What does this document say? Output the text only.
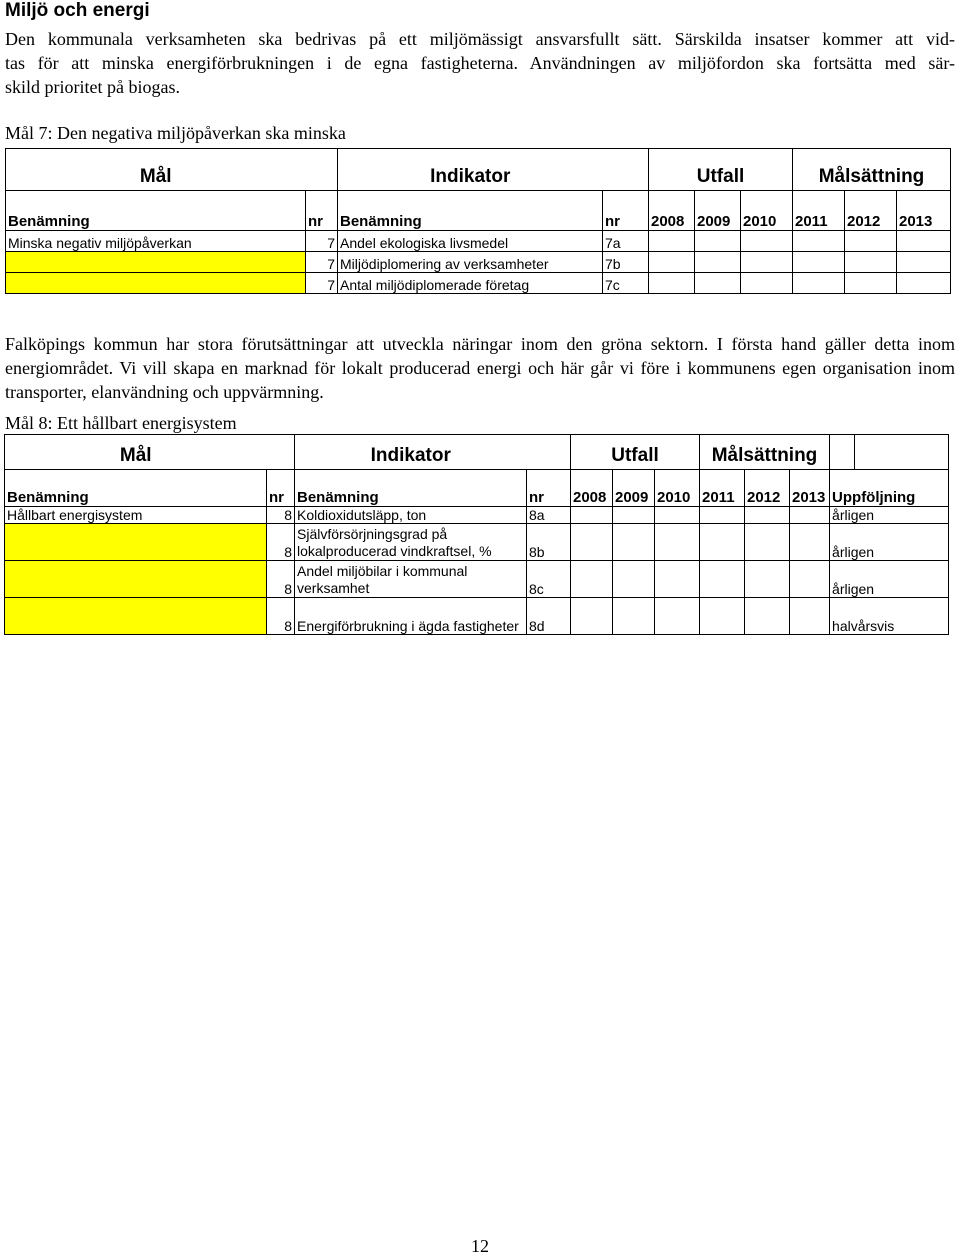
Miljö och energi
Den kommunala verksamheten ska bedrivas på ett miljömässigt ansvarsfullt sätt. Särskilda insatser kommer att vid-
tas för att minska energiförbrukningen i de egna fastigheterna. Användningen av miljöfordon ska fortsätta med sär-
skild prioritet på biogas.
Mål 7: Den negativa miljöpåverkan ska minska
Mål		Indikator		Utfall			Målsättning		
Benämning	nr	Benämning	nr	2008	2009	2010	2011	2012	2013
Minska negativ miljöpåverkan	7	Andel ekologiska livsmedel	7a						
	7	Miljödiplomering av verksamheter	7b						
	7	Antal miljödiplomerade företag	7c						
Falköpings kommun har stora förutsättningar att utveckla näringar inom den gröna sektorn. I första hand gäller detta inom energiområdet. Vi vill skapa en marknad för lokalt producerad energi och här går vi före i kommunens egen organisation inom transporter, elanvändning och uppvärmning.
Mål 8: Ett hållbart energisystem
Mål		Indikator		Utfall			Målsättning				
Benämning	nr	Benämning	nr	2008	2009	2010	2011	2012	2013	Uppföljning	
Hållbart energisystem	8	Koldioxidutsläpp, ton	8a							årligen	
	8	Självförsörjningsgrad på lokalproducerad vindkraftsel, %	8b							årligen	
	8	Andel miljöbilar i kommunal verksamhet	8c							årligen	
	8	Energiförbrukning i ägda fastigheter	8d							halvårsvis	
12
